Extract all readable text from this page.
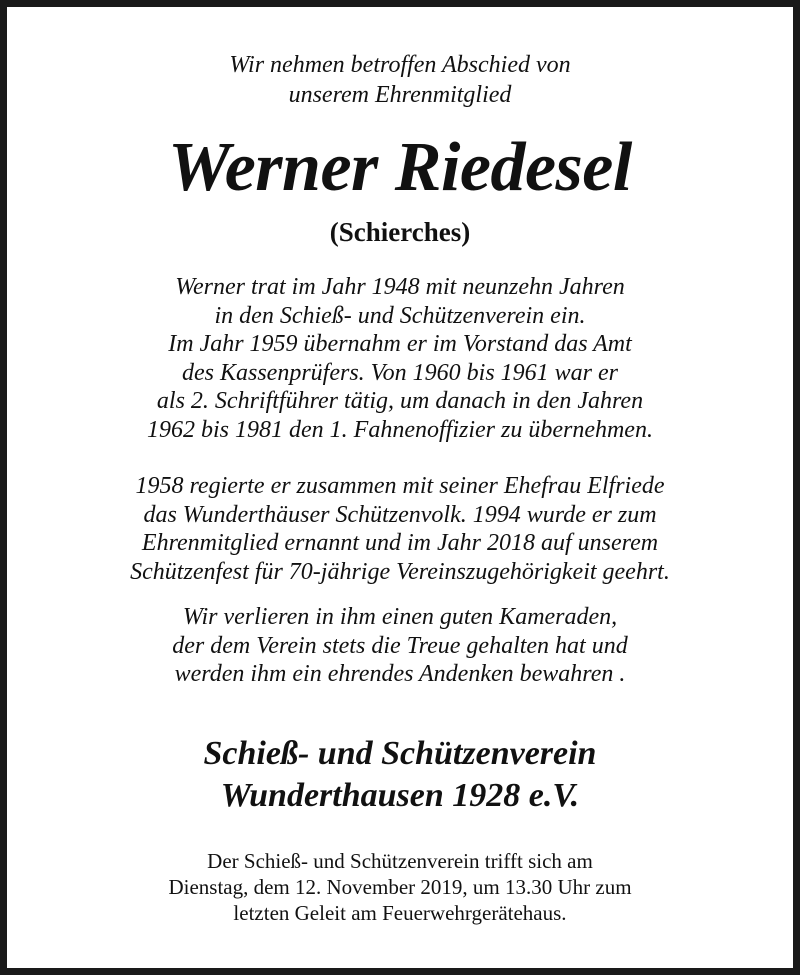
Wir nehmen betroffen Abschied von
unserem Ehrenmitglied
Werner Riedesel
(Schierches)
Werner trat im Jahr 1948 mit neunzehn Jahren
in den Schieß- und Schützenverein ein.
Im Jahr 1959 übernahm er im Vorstand das Amt
des Kassenprüfers. Von 1960 bis 1961 war er
als 2. Schriftführer tätig, um danach in den Jahren
1962 bis 1981 den 1. Fahnenoffizier zu übernehmen.
1958 regierte er zusammen mit seiner Ehefrau Elfriede
das Wunderthäuser Schützenvolk. 1994 wurde er zum
Ehrenmitglied ernannt und im Jahr 2018 auf unserem
Schützenfest für 70-jährige Vereinszugehörigkeit geehrt.
Wir verlieren in ihm einen guten Kameraden,
der dem Verein stets die Treue gehalten hat und
werden ihm ein ehrendes Andenken bewahren .
Schieß- und Schützenverein
Wunderthausen 1928 e.V.
Der Schieß- und Schützenverein trifft sich am
Dienstag, dem 12. November 2019, um 13.30 Uhr zum
letzten Geleit am Feuerwehrgerätehaus.
